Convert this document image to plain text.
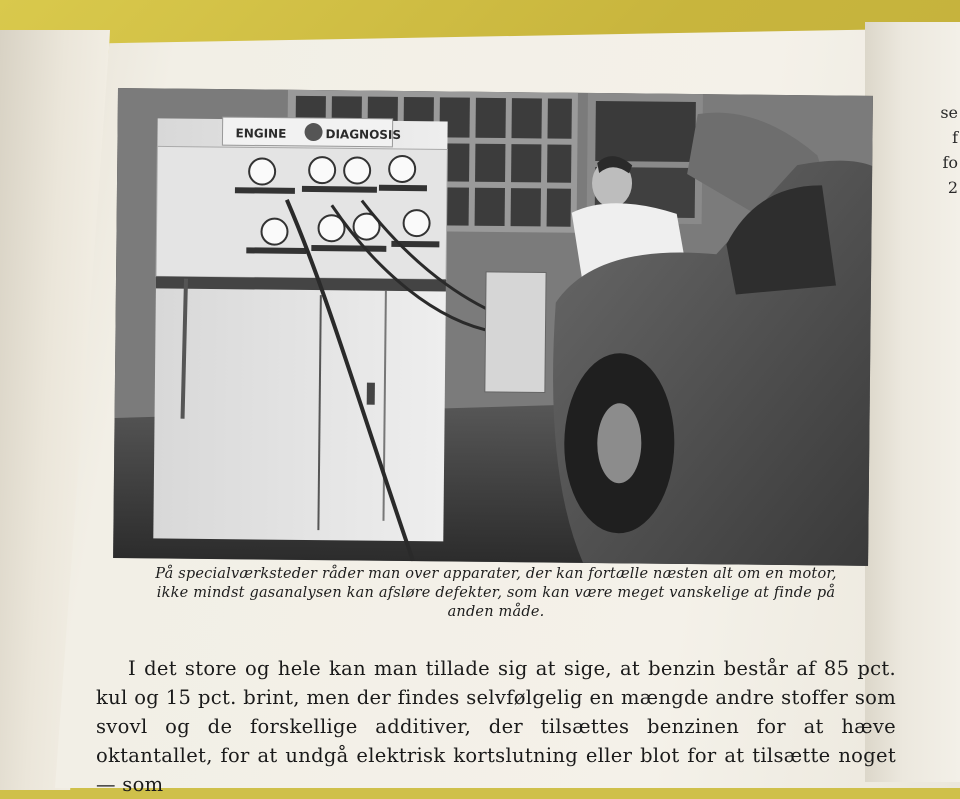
se
f
fo
2
ENGINE	DIAGNOSIS
På specialværksteder råder man over apparater, der kan fortælle næsten alt om en motor,
ikke mindst gasanalysen kan afsløre defekter, som kan være meget vanskelige at finde på
anden måde.

I det store og hele kan man tillade sig at sige, at benzin består af 85 pct. kul og 15 pct. brint, men der findes selvfølgelig en mængde andre stoffer som svovl og de forskellige additiver, der tilsættes benzinen for at hæve oktantallet, for at undgå elektrisk kortslutning eller blot for at tilsætte noget — som
